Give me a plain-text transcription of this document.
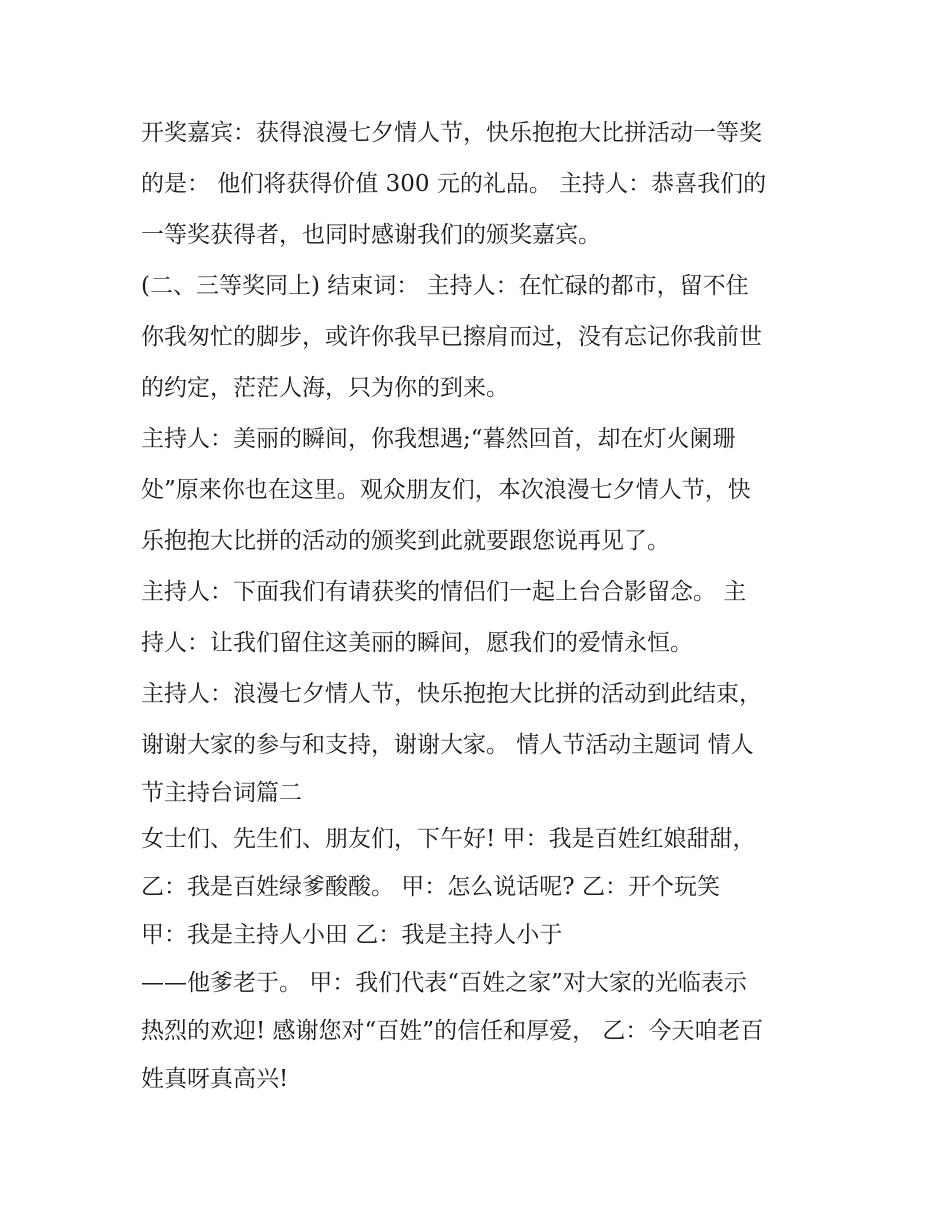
开奖嘉宾：获得浪漫七夕情人节，快乐抱抱大比拼活动一等奖
的是： 他们将获得价值 300 元的礼品。 主持人：恭喜我们的
一等奖获得者，也同时感谢我们的颁奖嘉宾。
(二、三等奖同上) 结束词： 主持人：在忙碌的都市，留不住
你我匆忙的脚步，或许你我早已擦肩而过，没有忘记你我前世
的约定，茫茫人海，只为你的到来。
主持人：美丽的瞬间，你我想遇;“暮然回首，却在灯火阑珊
处”原来你也在这里。观众朋友们，本次浪漫七夕情人节，快
乐抱抱大比拼的活动的颁奖到此就要跟您说再见了。
主持人：下面我们有请获奖的情侣们一起上台合影留念。 主
持人：让我们留住这美丽的瞬间，愿我们的爱情永恒。
主持人：浪漫七夕情人节，快乐抱抱大比拼的活动到此结束，
谢谢大家的参与和支持，谢谢大家。 情人节活动主题词 情人
节主持台词篇二
女士们、先生们、朋友们，下午好! 甲：我是百姓红娘甜甜，
乙：我是百姓绿爹酸酸。 甲：怎么说话呢? 乙：开个玩笑
甲：我是主持人小田 乙：我是主持人小于
——他爹老于。 甲：我们代表“百姓之家”对大家的光临表示
热烈的欢迎! 感谢您对“百姓”的信任和厚爱， 乙：今天咱老百
姓真呀真高兴!
